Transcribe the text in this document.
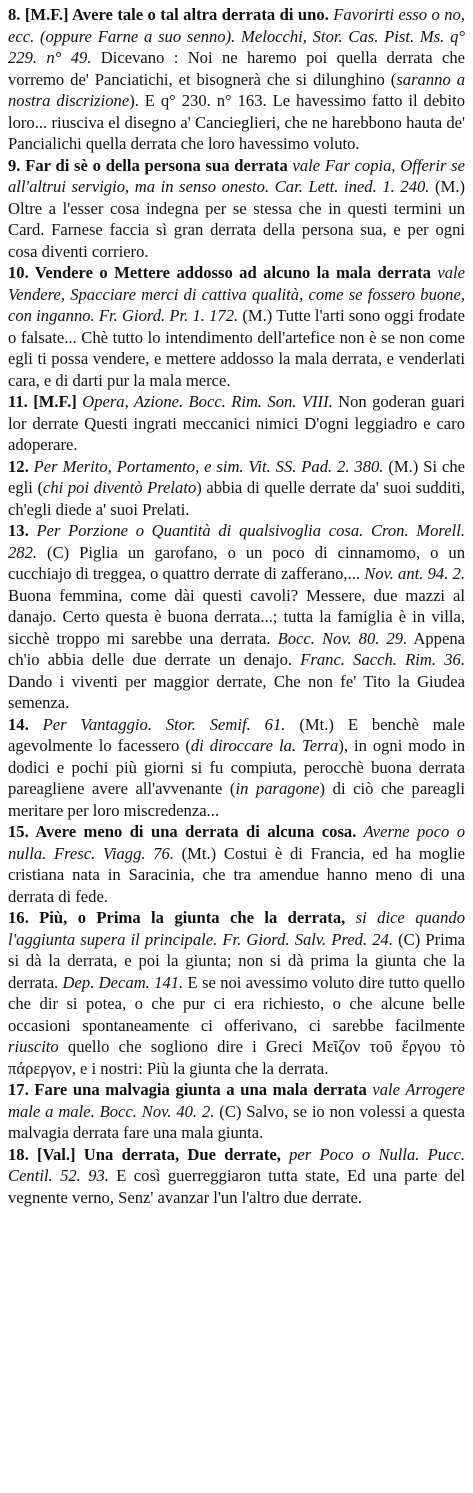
8. [M.F.] Avere tale o tal altra derrata di uno. Favorirti esso o no, ecc. (oppure Farne a suo senno). Melocchi, Stor. Cas. Pist. Ms. q° 229. n° 49. Dicevano : Noi ne haremo poi quella derrata che vorremo de' Panciatichi, et bisognerà che si dilunghino (saranno a nostra discrizione). E q° 230. n° 163. Le havessimo fatto il debito loro... riusciva el disegno a' Cancieglieri, che ne harebbono hauta de' Pancialichi quella derrata che loro havessimo voluto.

9. Far di sè o della persona sua derrata vale Far copia, Offerir se all'altrui servigio, ma in senso onesto. Car. Lett. ined. 1. 240. (M.) Oltre a l'esser cosa indegna per se stessa che in questi termini un Card. Farnese faccia sì gran derrata della persona sua, e per ogni cosa diventi corriero.

10. Vendere o Mettere addosso ad alcuno la mala derrata vale Vendere, Spacciare merci di cattiva qualità, come se fossero buone, con inganno. Fr. Giord. Pr. 1. 172. (M.) Tutte l'arti sono oggi frodate o falsate... Chè tutto lo intendimento dell'artefice non è se non come egli ti possa vendere, e mettere addosso la mala derrata, e venderlati cara, e di darti pur la mala merce.

11. [M.F.] Opera, Azione. Bocc. Rim. Son. VIII. Non goderan guari lor derrate Questi ingrati meccanici nimici D'ogni leggiadro e caro adoperare.

12. Per Merito, Portamento, e sim. Vit. SS. Pad. 2. 380. (M.) Si che egli (chi poi diventò Prelato) abbia di quelle derrate da' suoi sudditi, ch'egli diede a' suoi Prelati.

13. Per Porzione o Quantità di qualsivoglia cosa. Cron. Morell. 282. (C) Piglia un garofano, o un poco di cinnamomo, o un cucchiajo di treggea, o quattro derrate di zafferano,... Nov. ant. 94. 2. Buona femmina, come dài questi cavoli? Messere, due mazzi al danajo. Certo questa è buona derrata...; tutta la famiglia è in villa, sicchè troppo mi sarebbe una derrata. Bocc. Nov. 80. 29. Appena ch'io abbia delle due derrate un denajo. Franc. Sacch. Rim. 36. Dando i viventi per maggior derrate, Che non fe' Tito la Giudea semenza.

14. Per Vantaggio. Stor. Semif. 61. (Mt.) E benchè male agevolmente lo facessero (di diroccare la. Terra), in ogni modo in dodici e pochi più giorni si fu compiuta, perocchè buona derrata pareagliene avere all'avvenante (in paragone) di ciò che pareagli meritare per loro miscredenza...

15. Avere meno di una derrata di alcuna cosa. Averne poco o nulla. Fresc. Viagg. 76. (Mt.) Costui è di Francia, ed ha moglie cristiana nata in Saracinia, che tra amendue hanno meno di una derrata di fede.

16. Più, o Prima la giunta che la derrata, si dice quando l'aggiunta supera il principale. Fr. Giord. Salv. Pred. 24. (C) Prima si dà la derrata, e poi la giunta; non si dà prima la giunta che la derrata. Dep. Decam. 141. E se noi avessimo voluto dire tutto quello che dir si potea, o che pur ci era richiesto, o che alcune belle occasioni spontaneamente ci offerivano, ci sarebbe facilmente riuscito quello che sogliono dire i Greci Μεῖζον τοῦ ἔργου τὸ πάρεργον, e i nostri: Più la giunta che la derrata.

17. Fare una malvagia giunta a una mala derrata vale Arrogere male a male. Bocc. Nov. 40. 2. (C) Salvo, se io non volessi a questa malvagia derrata fare una mala giunta.

18. [Val.] Una derrata, Due derrate, per Poco o Nulla. Pucc. Centil. 52. 93. E così guerreggiaron tutta state, Ed una parte del vegnente verno, Senz' avanzar l'un l'altro due derrate.
